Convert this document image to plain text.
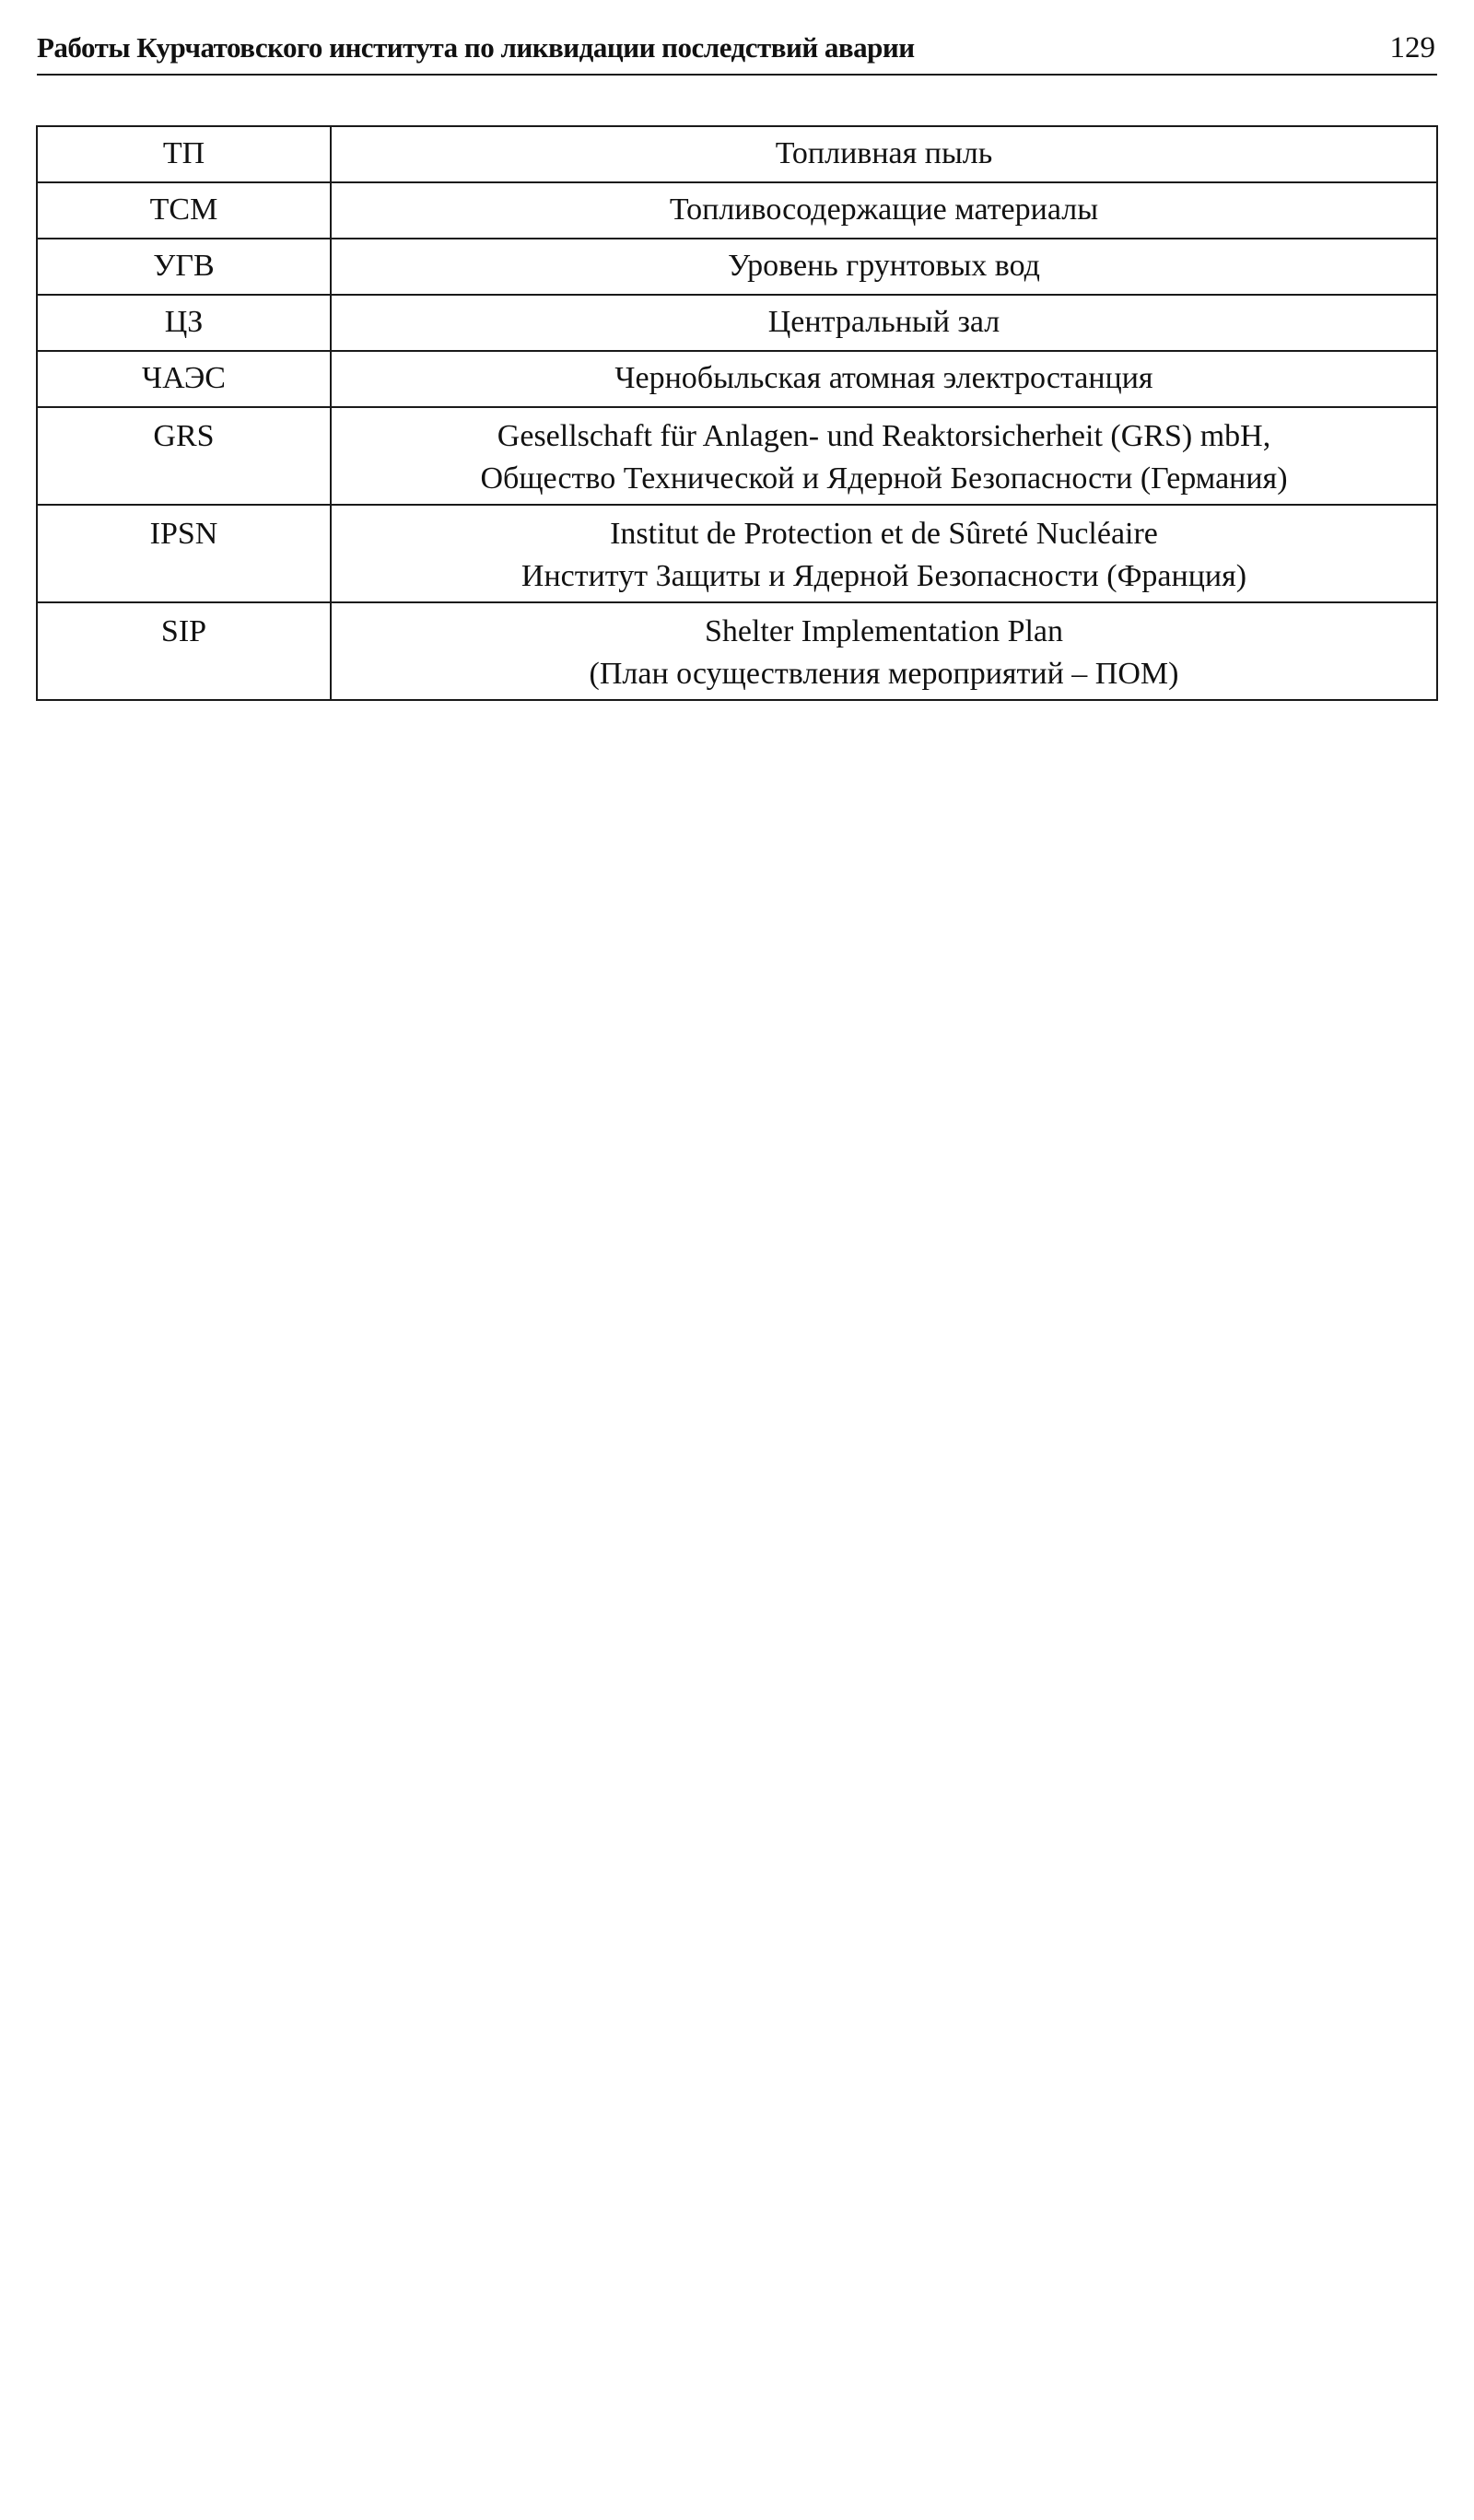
Работы Курчатовского института по ликвидации последствий аварии	129
ТП	Топливная пыль

ТСМ	Топливосодержащие материалы

УГВ	Уровень грунтовых вод

ЦЗ	Центральный зал

ЧАЭС	Чернобыльская атомная электростанция

GRS	Gesellschaft für Anlagen- und Reaktorsicherheit (GRS) mbH,
Общество Технической и Ядерной Безопасности (Германия)

IPSN	Institut de Protection et de Sûreté Nucléaire
Институт Защиты и Ядерной Безопасности (Франция)

SIP	Shelter Implementation Plan
(План осуществления мероприятий – ПОМ)
